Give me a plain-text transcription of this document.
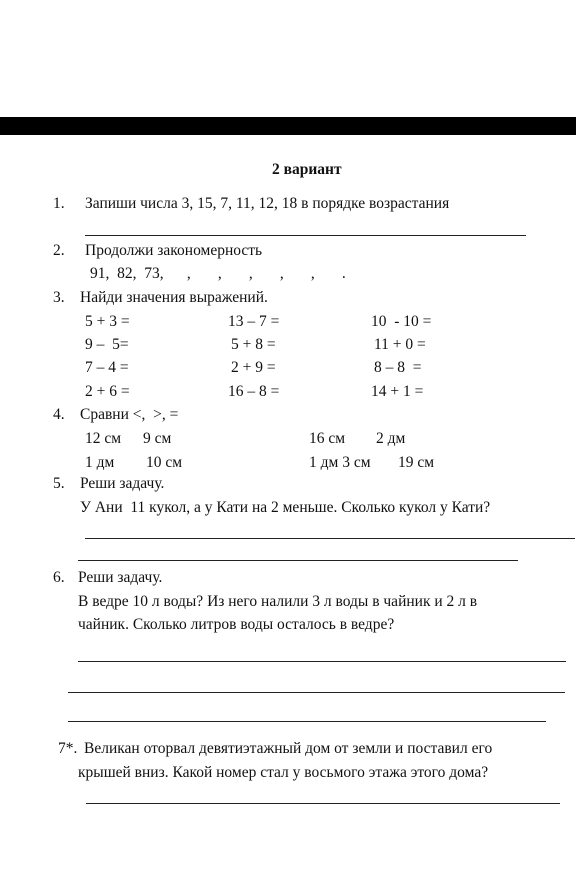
2 вариант
1. Запиши числа 3, 15, 7, 11, 12, 18 в порядке возрастания
2. Продолжи закономерность
91,  82,  73,      ,       ,       ,       ,       ,       .
3. Найди значения выражений.
5 + 3 =	13 – 7 =	10  - 10 =
9 –  5=	5 + 8 =	11 + 0 =
7 – 4 =	2 + 9 =	8 – 8  =
2 + 6 =	16 – 8 =	14 + 1 =
4. Сравни <,  >, =
12 см 9 см	16 см 2 дм
1 дм 10 см	1 дм 3 см 19 см
5. Реши задачу.
У Ани  11 кукол, а у Кати на 2 меньше. Сколько кукол у Кати?
6. Реши задачу.
В ведре 10 л воды? Из него налили 3 л воды в чайник и 2 л в
чайник. Сколько литров воды осталось в ведре?
7*. Великан оторвал девятиэтажный дом от земли и поставил его
крышей вниз. Какой номер стал у восьмого этажа этого дома?
